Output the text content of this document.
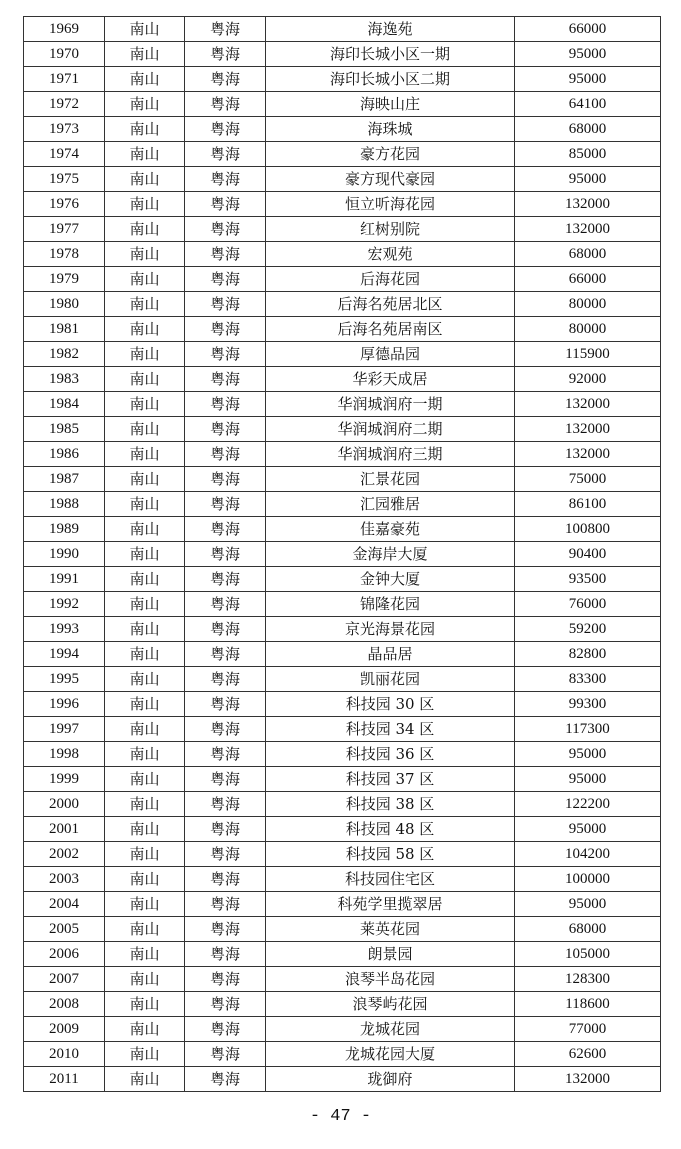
1969	南山	粤海	海逸苑	66000
1970	南山	粤海	海印长城小区一期	95000
1971	南山	粤海	海印长城小区二期	95000
1972	南山	粤海	海映山庄	64100
1973	南山	粤海	海珠城	68000
1974	南山	粤海	豪方花园	85000
1975	南山	粤海	豪方现代豪园	95000
1976	南山	粤海	恒立听海花园	132000
1977	南山	粤海	红树别院	132000
1978	南山	粤海	宏观苑	68000
1979	南山	粤海	后海花园	66000
1980	南山	粤海	后海名苑居北区	80000
1981	南山	粤海	后海名苑居南区	80000
1982	南山	粤海	厚德品园	115900
1983	南山	粤海	华彩天成居	92000
1984	南山	粤海	华润城润府一期	132000
1985	南山	粤海	华润城润府二期	132000
1986	南山	粤海	华润城润府三期	132000
1987	南山	粤海	汇景花园	75000
1988	南山	粤海	汇园雅居	86100
1989	南山	粤海	佳嘉豪苑	100800
1990	南山	粤海	金海岸大厦	90400
1991	南山	粤海	金钟大厦	93500
1992	南山	粤海	锦隆花园	76000
1993	南山	粤海	京光海景花园	59200
1994	南山	粤海	晶品居	82800
1995	南山	粤海	凯丽花园	83300
1996	南山	粤海	科技园 30 区	99300
1997	南山	粤海	科技园 34 区	117300
1998	南山	粤海	科技园 36 区	95000
1999	南山	粤海	科技园 37 区	95000
2000	南山	粤海	科技园 38 区	122200
2001	南山	粤海	科技园 48 区	95000
2002	南山	粤海	科技园 58 区	104200
2003	南山	粤海	科技园住宅区	100000
2004	南山	粤海	科苑学里揽翠居	95000
2005	南山	粤海	莱英花园	68000
2006	南山	粤海	朗景园	105000
2007	南山	粤海	浪琴半岛花园	128300
2008	南山	粤海	浪琴屿花园	118600
2009	南山	粤海	龙城花园	77000
2010	南山	粤海	龙城花园大厦	62600
2011	南山	粤海	珑御府	132000
- 47 -
